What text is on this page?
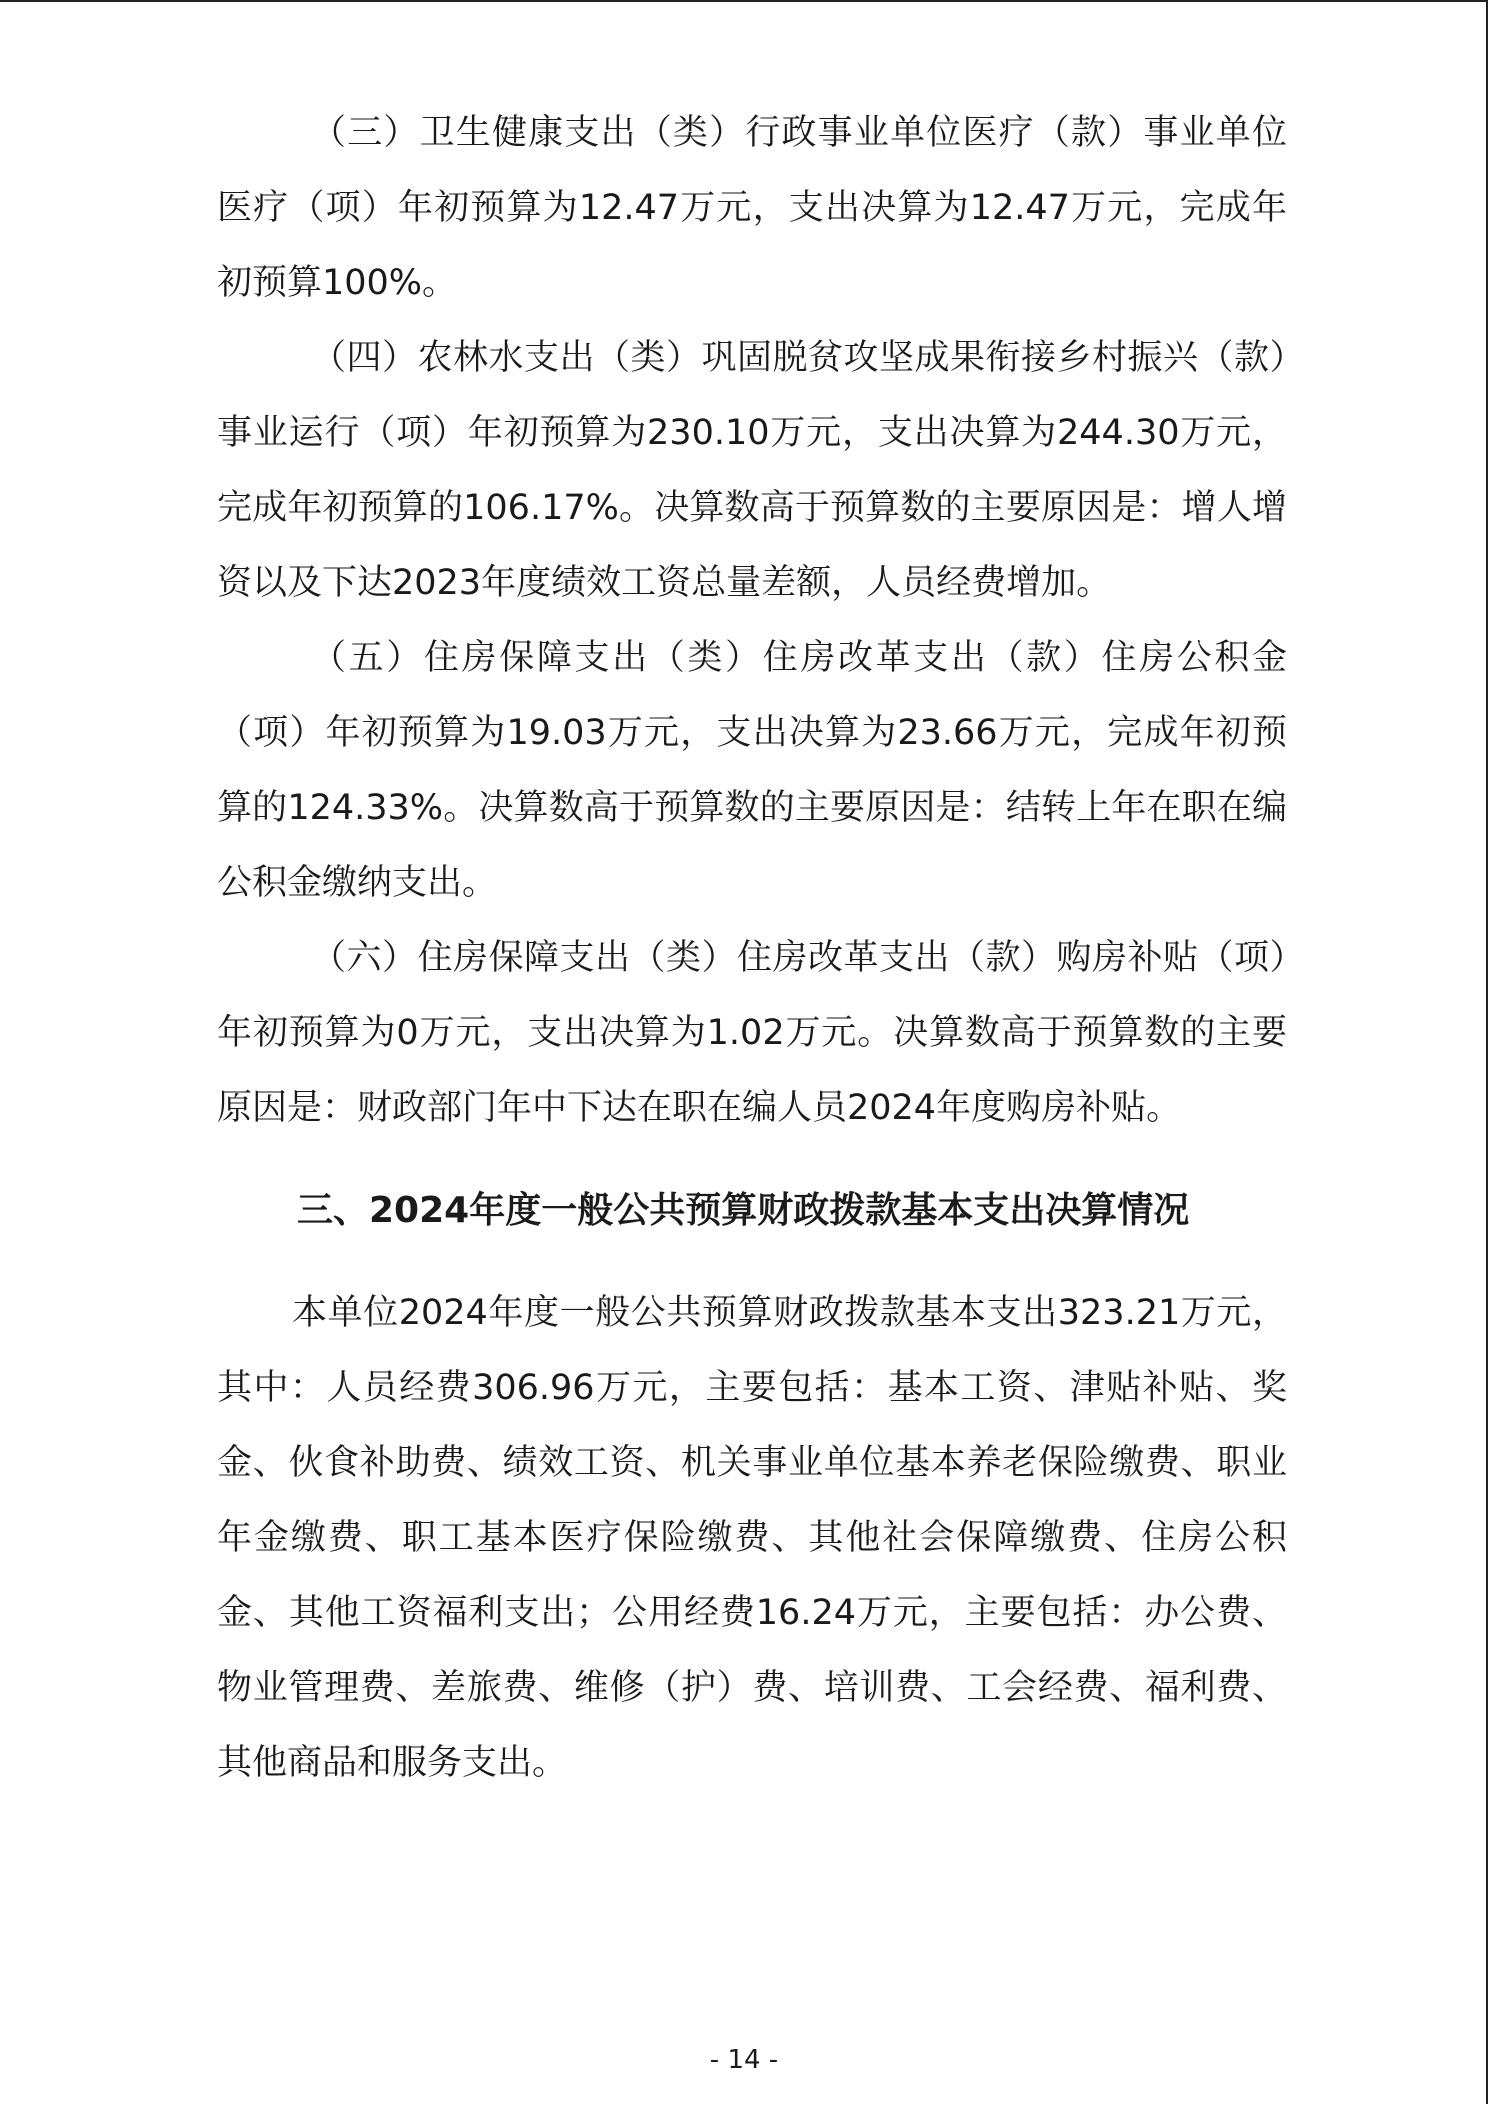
（三）卫生健康支出（类）行政事业单位医疗（款）事业单位医疗（项）年初预算为12.47万元，支出决算为12.47万元，完成年初预算100%。

（四）农林水支出（类）巩固脱贫攻坚成果衔接乡村振兴（款）事业运行（项）年初预算为230.10万元，支出决算为244.30万元，完成年初预算的106.17%。决算数高于预算数的主要原因是：增人增资以及下达2023年度绩效工资总量差额，人员经费增加。

（五）住房保障支出（类）住房改革支出（款）住房公积金（项）年初预算为19.03万元，支出决算为23.66万元，完成年初预算的124.33%。决算数高于预算数的主要原因是：结转上年在职在编公积金缴纳支出。

（六）住房保障支出（类）住房改革支出（款）购房补贴（项）年初预算为0万元，支出决算为1.02万元。决算数高于预算数的主要原因是：财政部门年中下达在职在编人员2024年度购房补贴。

三、2024年度一般公共预算财政拨款基本支出决算情况

本单位2024年度一般公共预算财政拨款基本支出323.21万元，其中：人员经费306.96万元，主要包括：基本工资、津贴补贴、奖金、伙食补助费、绩效工资、机关事业单位基本养老保险缴费、职业年金缴费、职工基本医疗保险缴费、其他社会保障缴费、住房公积金、其他工资福利支出；公用经费16.24万元，主要包括：办公费、物业管理费、差旅费、维修（护）费、培训费、工会经费、福利费、其他商品和服务支出。

- 14 -
